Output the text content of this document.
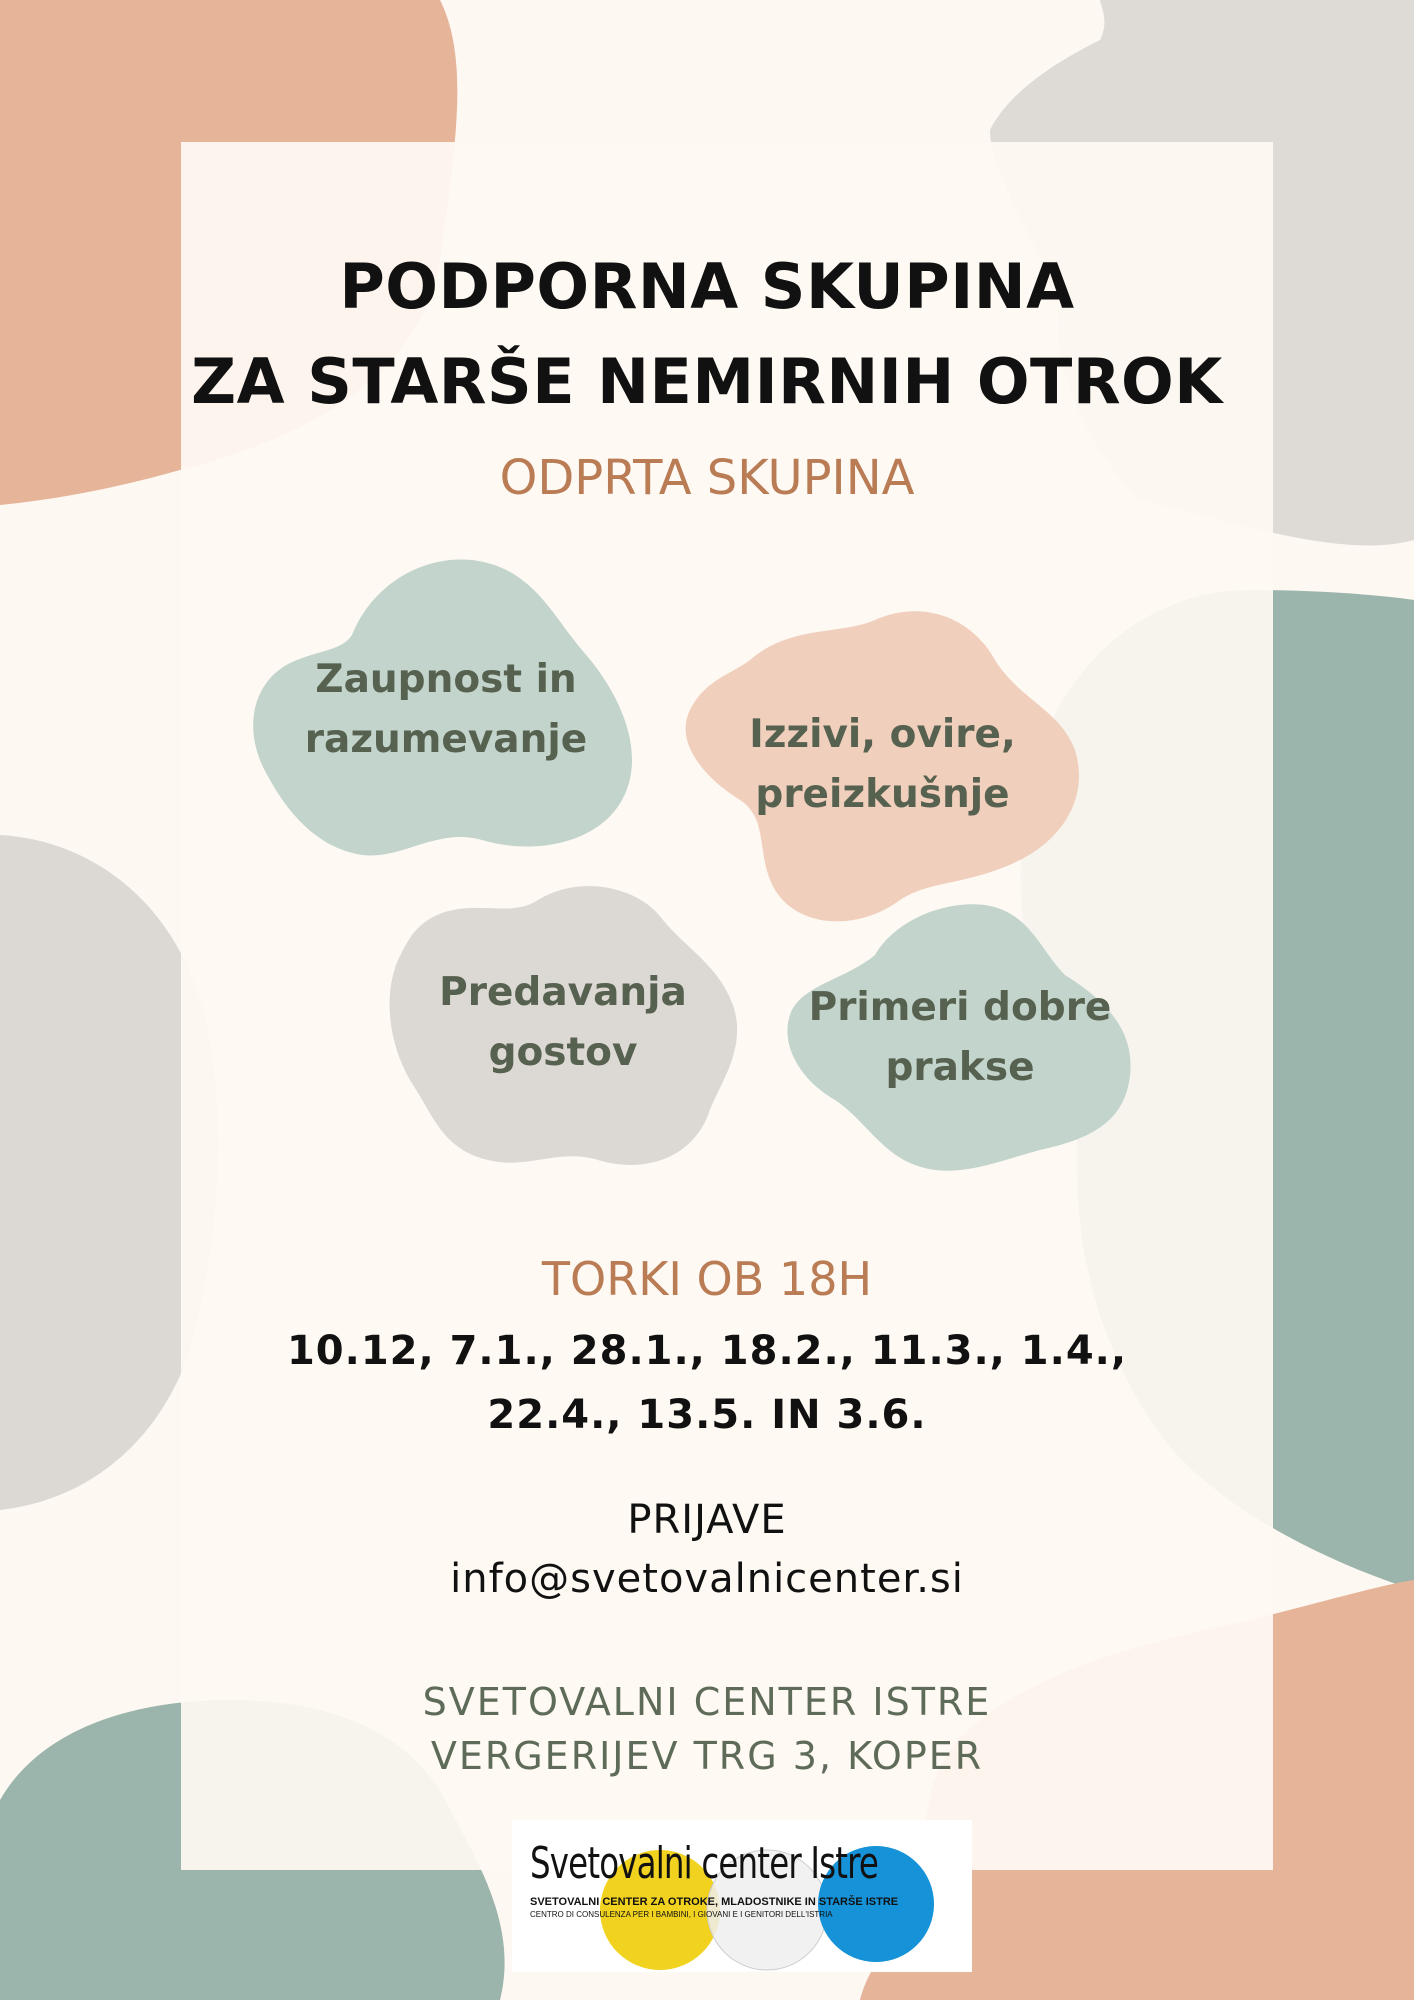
PODPORNA SKUPINA
ZA STARŠE NEMIRNIH OTROK
ODPRTA SKUPINA
Zaupnost in
razumevanje	Izzivi, ovire,
preizkušnje
Predavanja
gostov
Primeri dobre
prakse
TORKI OB 18H
10.12, 7.1., 28.1., 18.2., 11.3., 1.4.,
22.4., 13.5. IN 3.6.
PRIJAVE
info@svetovalnicenter.si
SVETOVALNI CENTER ISTRE
VERGERIJEV TRG 3, KOPER
Svetovalni center Istre
SVETOVALNI CENTER ZA OTROKE, MLADOSTNIKE IN STARŠE ISTRE
CENTRO DI CONSULENZA PER I BAMBINI, I GIOVANI E I GENITORI DELL'ISTRIA
